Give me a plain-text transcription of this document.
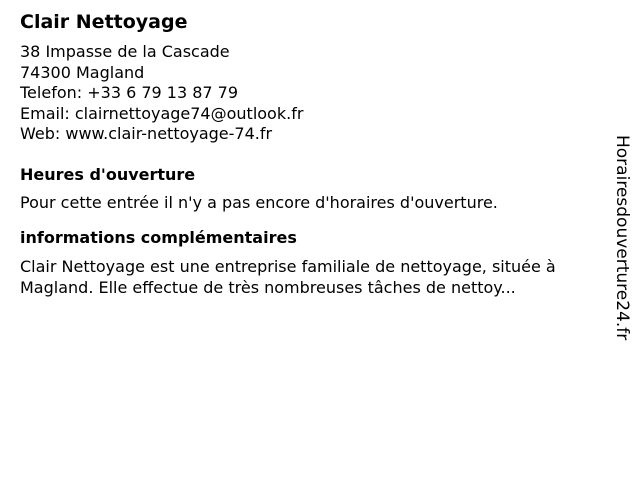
Clair Nettoyage
38 Impasse de la Cascade
74300 Magland
Telefon: +33 6 79 13 87 79
Email: clairnettoyage74@outlook.fr
Web: www.clair-nettoyage-74.fr
Heures d'ouverture
Pour cette entrée il n'y a pas encore d'horaires d'ouverture.
informations complémentaires
Clair Nettoyage est une entreprise familiale de nettoyage, située à Magland. Elle effectue de très nombreuses tâches de nettoy...	Horairesdouverture24.fr
